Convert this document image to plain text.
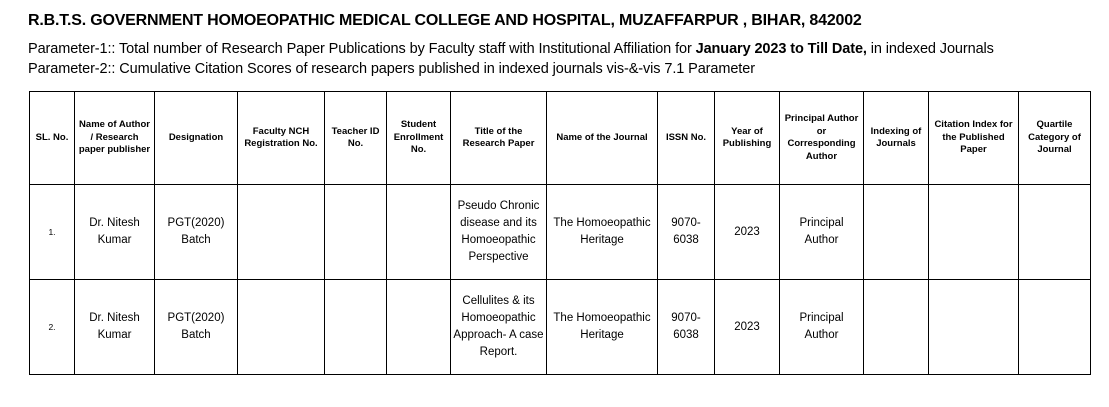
R.B.T.S. GOVERNMENT HOMOEOPATHIC MEDICAL COLLEGE AND HOSPITAL, MUZAFFARPUR , BIHAR, 842002
Parameter-1:: Total number of Research Paper Publications by Faculty staff with Institutional Affiliation for January 2023 to Till Date, in indexed Journals
Parameter-2:: Cumulative Citation Scores of research papers published in indexed journals vis-&-vis 7.1 Parameter
SL. No.	Name of Author / Research paper publisher	Designation	Faculty NCH Registration No.	Teacher ID No.	Student Enrollment No.	Title of the Research Paper	Name of the Journal	ISSN No.	Year of Publishing	Principal Author or Corresponding Author	Indexing of Journals	Citation Index for the Published Paper	Quartile Category of Journal
1.	Dr. Nitesh Kumar	PGT(2020) Batch				Pseudo Chronic disease and its Homoeopathic Perspective	The Homoeopathic Heritage	9070-6038	2023	Principal Author			
2.	Dr. Nitesh Kumar	PGT(2020) Batch				Cellulites & its Homoeopathic Approach- A case Report.	The Homoeopathic Heritage	9070-6038	2023	Principal Author			
